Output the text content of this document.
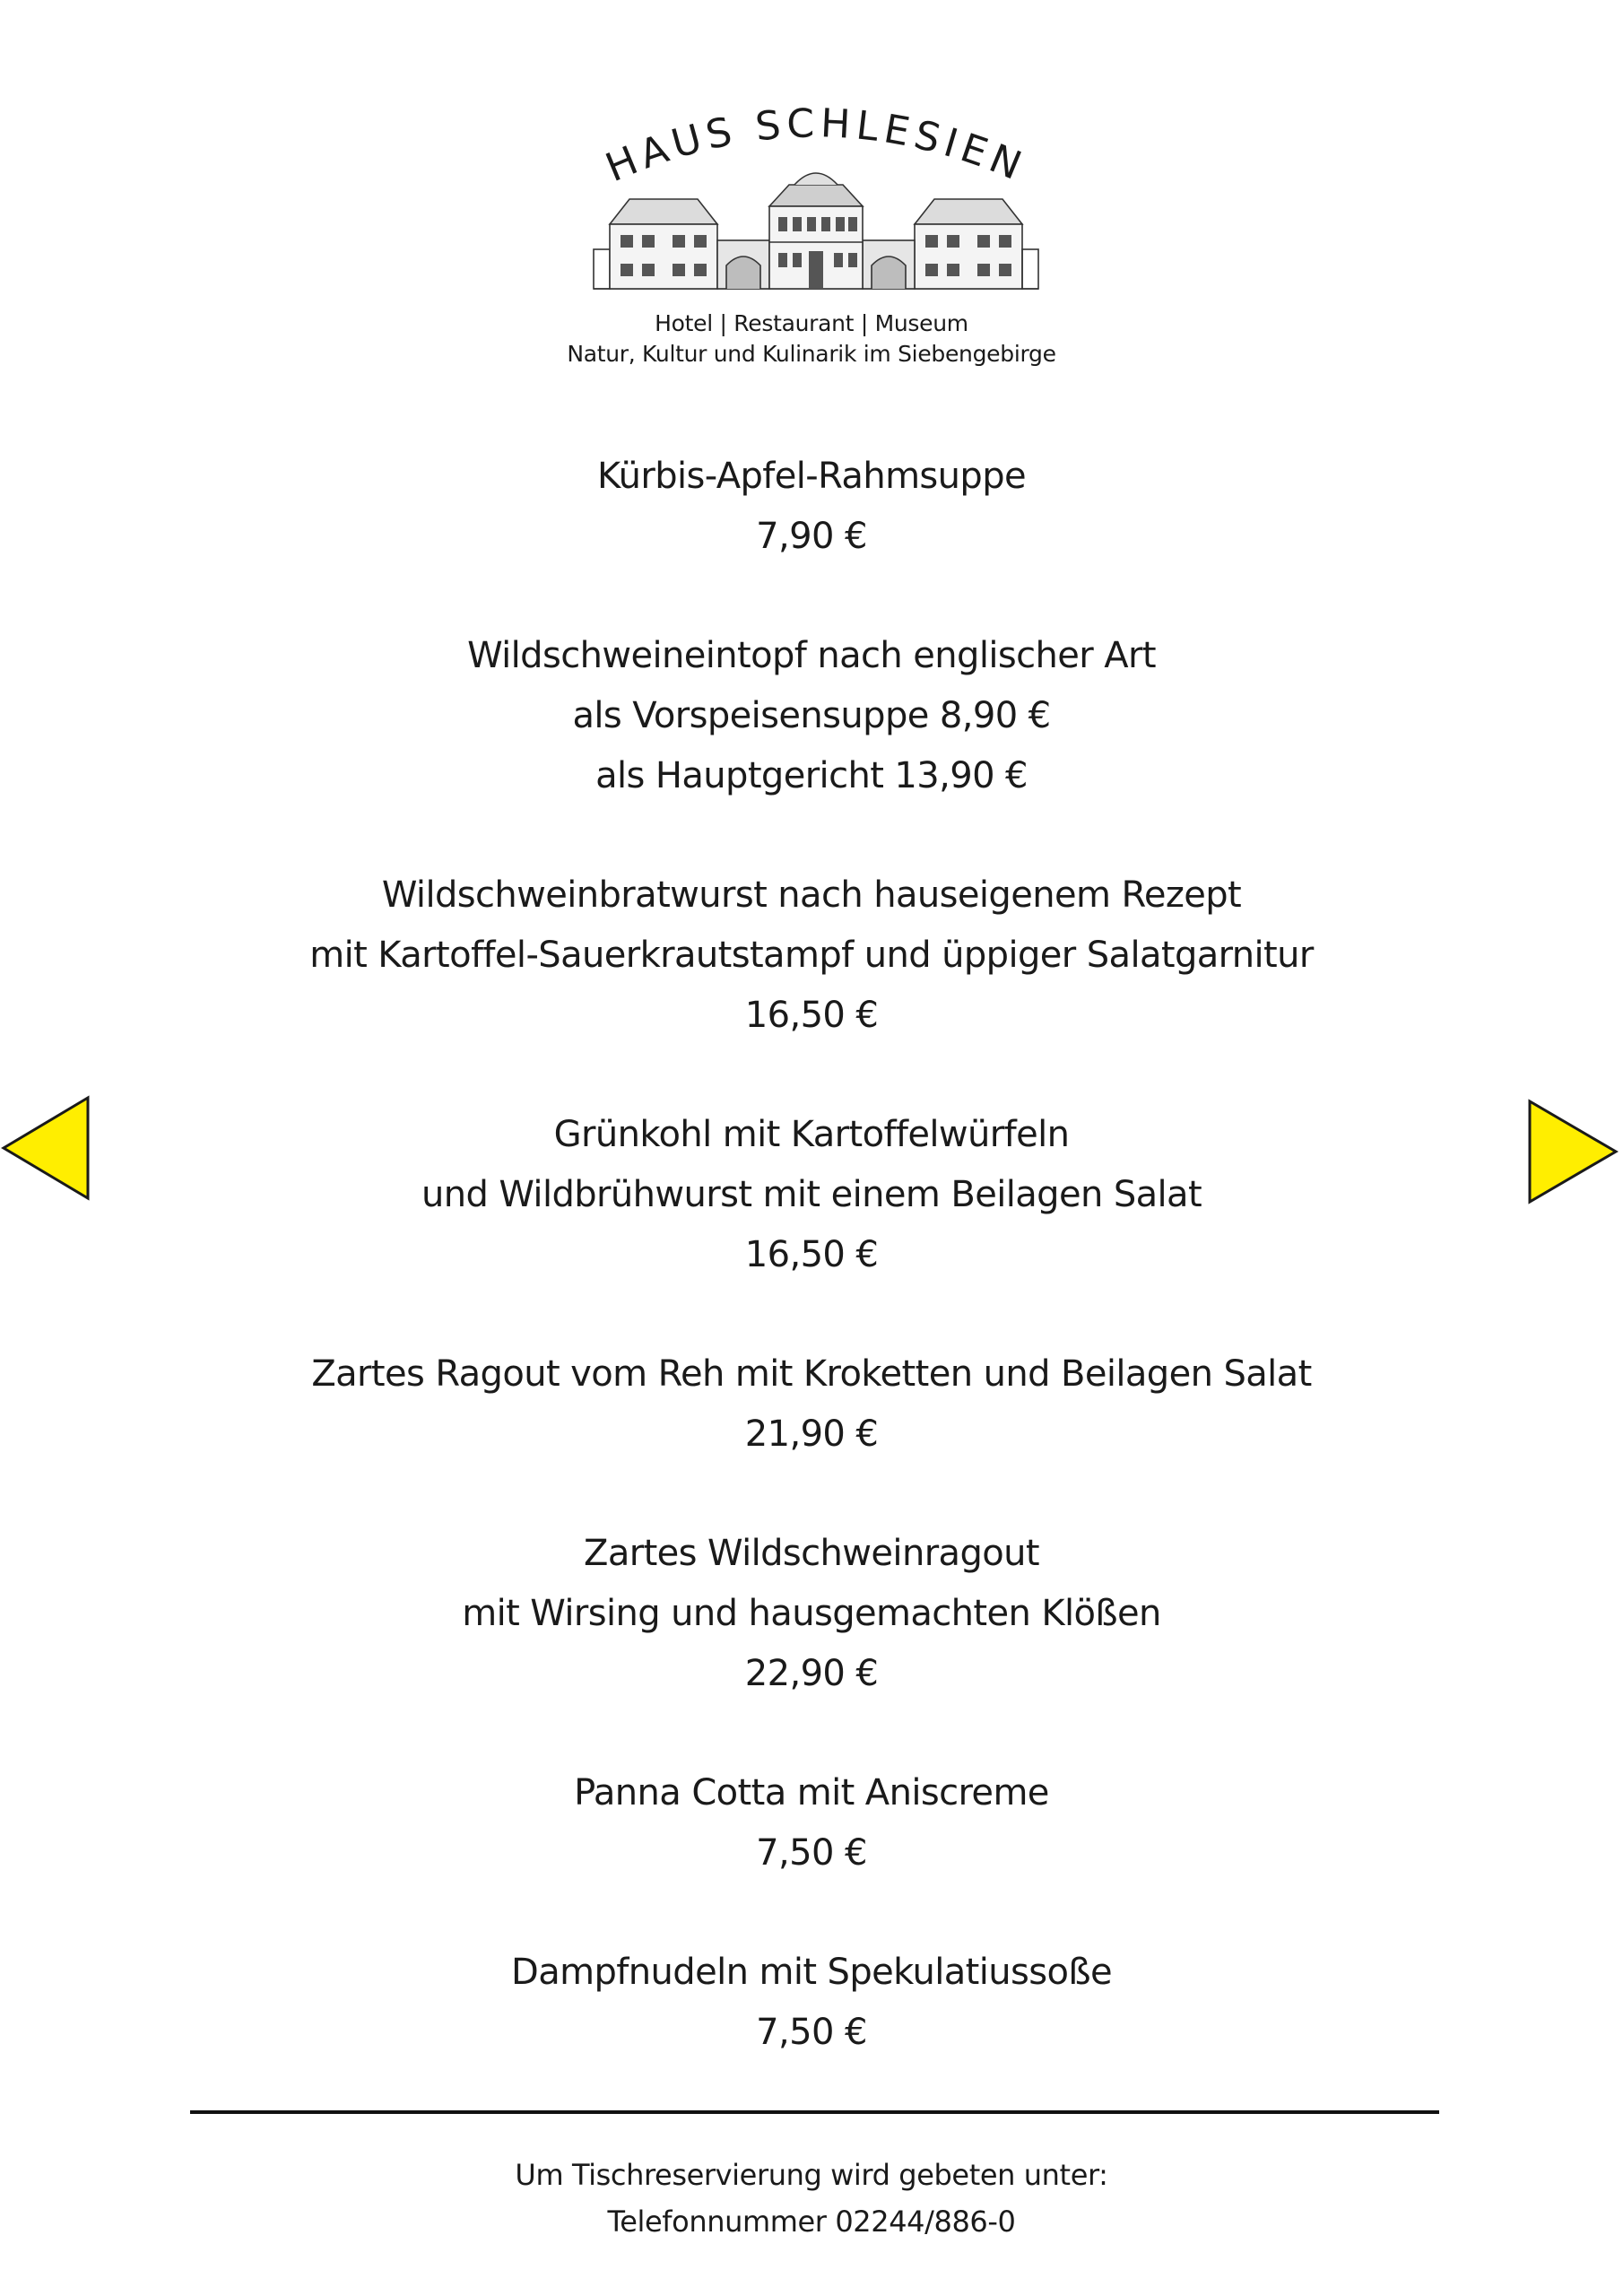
HAUS SCHLESIEN
Hotel | Restaurant | Museum
Natur, Kultur und Kulinarik im Siebengebirge
Kürbis-Apfel-Rahmsuppe
7,90 €
Wildschweineintopf nach englischer Art
als Vorspeisensuppe 8,90 €
als Hauptgericht 13,90 €
Wildschweinbratwurst nach hauseigenem Rezept
mit Kartoffel-Sauerkrautstampf und üppiger Salatgarnitur
16,50 €
Grünkohl mit Kartoffelwürfeln
und Wildbrühwurst mit einem Beilagen Salat
16,50 €
Zartes Ragout vom Reh mit Kroketten und Beilagen Salat
21,90 €
Zartes Wildschweinragout
mit Wirsing und hausgemachten Klößen
22,90 €
Panna Cotta mit Aniscreme
7,50 €
Dampfnudeln mit Spekulatiussoße
7,50 €
Um Tischreservierung wird gebeten unter:
Telefonnummer 02244/886-0
